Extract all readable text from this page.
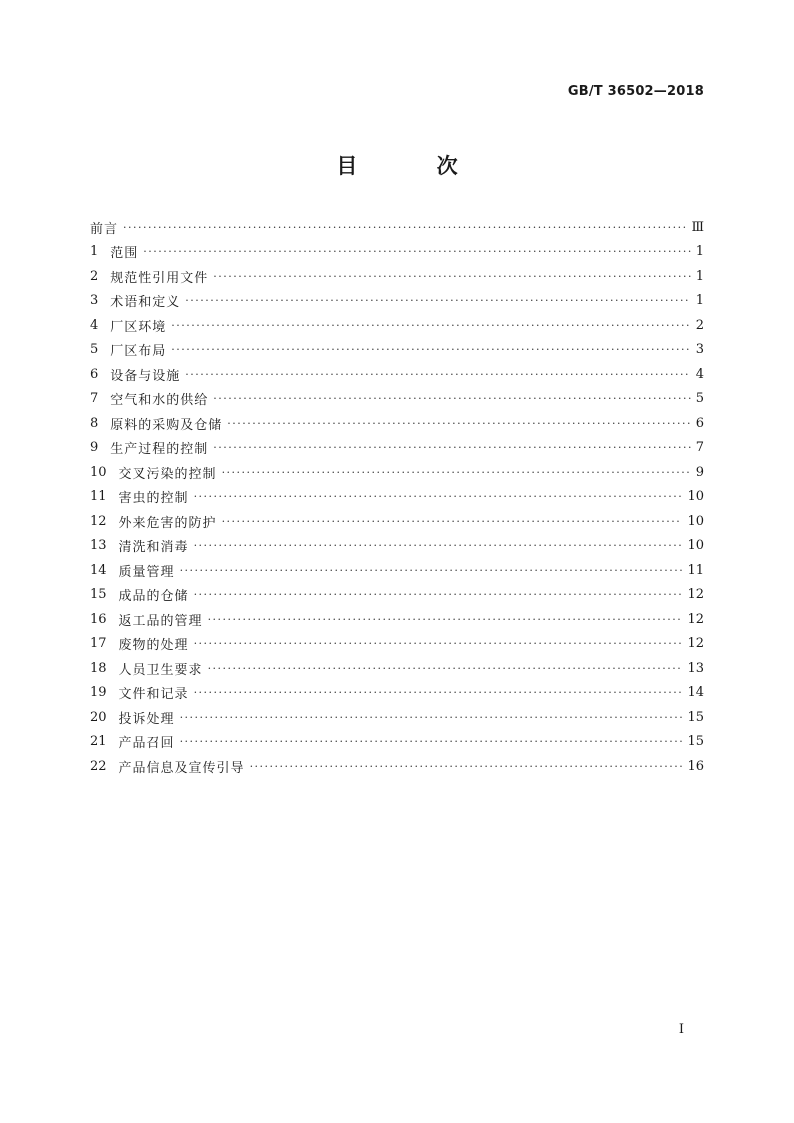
GB/T 36502—2018
目 次
前言 ·····	Ⅲ
1 范围 ·····	1
2 规范性引用文件 ·····	1
3 术语和定义 ·····	1
4 厂区环境 ·····	2
5 厂区布局 ·····	3
6 设备与设施 ·····	4
7 空气和水的供给 ·····	5
8 原料的采购及仓储 ·····	6
9 生产过程的控制 ·····	7
10 交叉污染的控制 ·····	9
11 害虫的控制 ·····	10
12 外来危害的防护 ·····	10
13 清洗和消毒 ·····	10
14 质量管理 ·····	11
15 成品的仓储 ·····	12
16 返工品的管理 ·····	12
17 废物的处理 ·····	12
18 人员卫生要求 ·····	13
19 文件和记录 ·····	14
20 投诉处理 ·····	15
21 产品召回 ·····	15
22 产品信息及宣传引导 ·····	16
I
